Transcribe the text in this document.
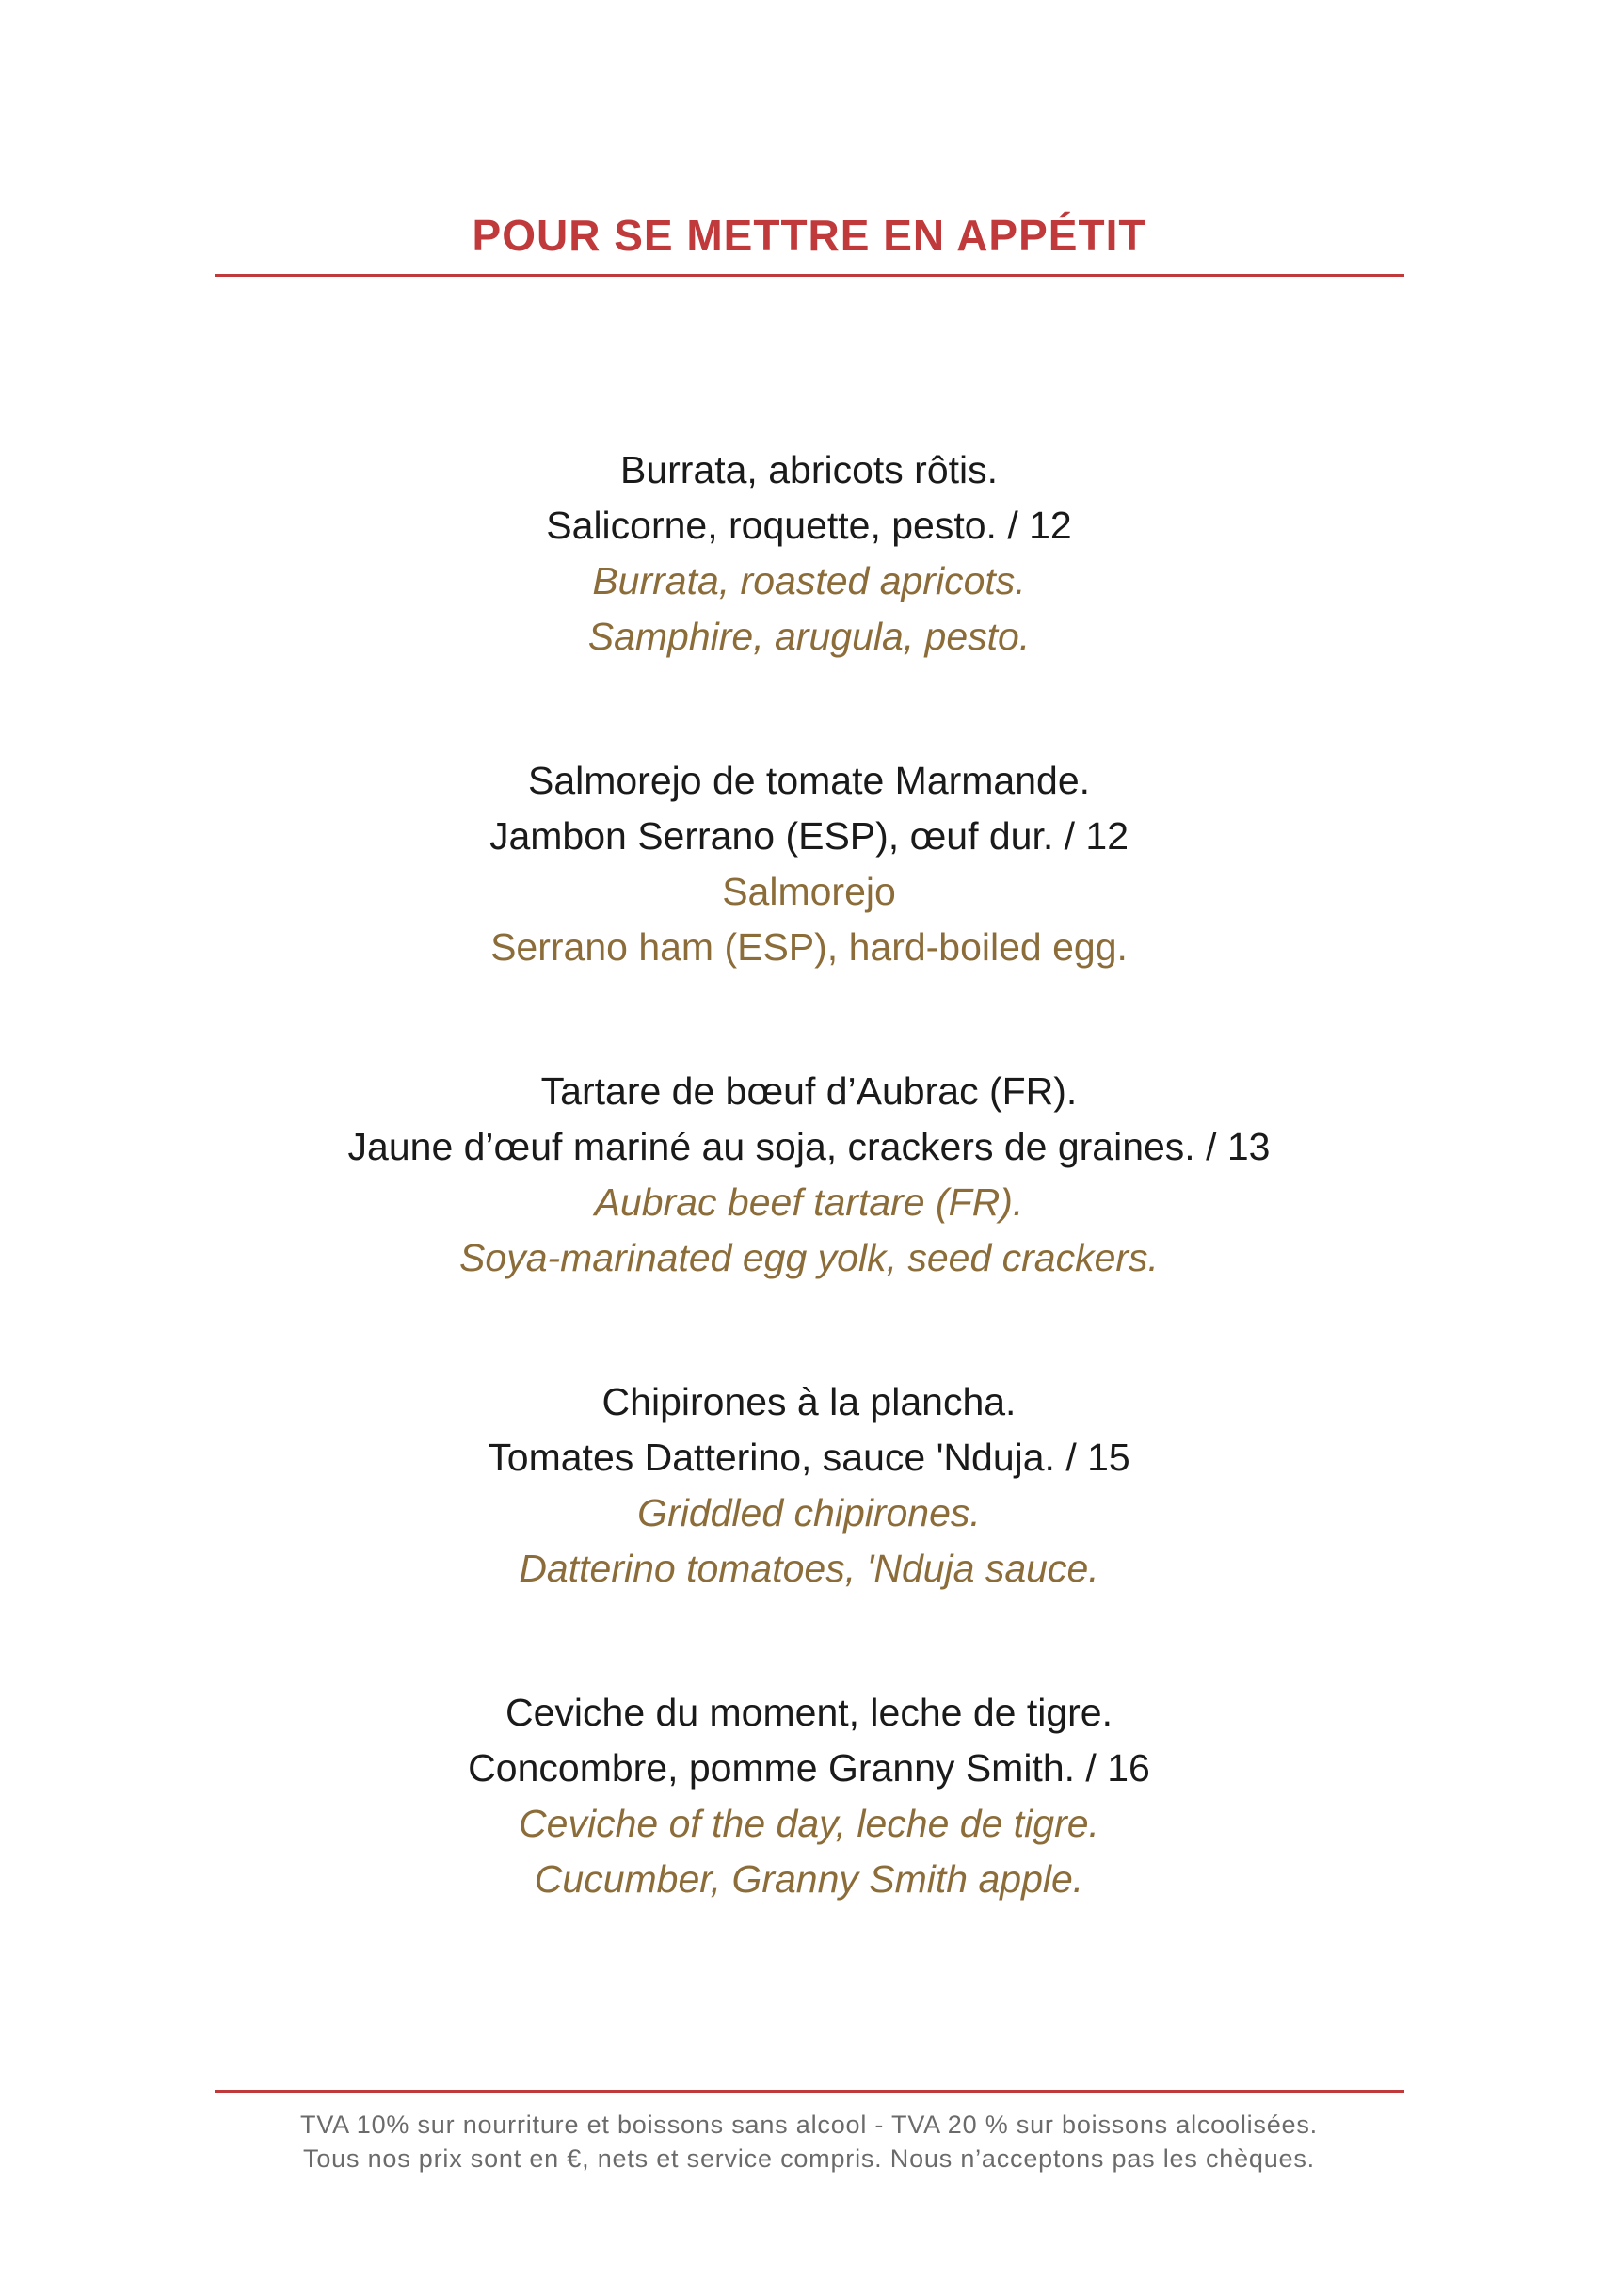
POUR SE METTRE EN APPÉTIT
Burrata, abricots rôtis.
Salicorne, roquette, pesto. / 12
Burrata, roasted apricots.
Samphire, arugula, pesto.
Salmorejo de tomate Marmande.
Jambon Serrano (ESP), œuf dur. / 12
Salmorejo
Serrano ham (ESP), hard-boiled egg.
Tartare de bœuf d’Aubrac (FR).
Jaune d’œuf mariné au soja, crackers de graines. / 13
Aubrac beef tartare (FR).
Soya-marinated egg yolk, seed crackers.
Chipirones à la plancha.
Tomates Datterino, sauce 'Nduja. / 15
Griddled chipirones.
Datterino tomatoes, 'Nduja sauce.
Ceviche du moment, leche de tigre.
Concombre, pomme Granny Smith. / 16
Ceviche of the day, leche de tigre.
Cucumber, Granny Smith apple.
TVA 10% sur nourriture et boissons sans alcool - TVA 20 % sur boissons alcoolisées.
Tous nos prix sont en €, nets et service compris. Nous n’acceptons pas les chèques.
